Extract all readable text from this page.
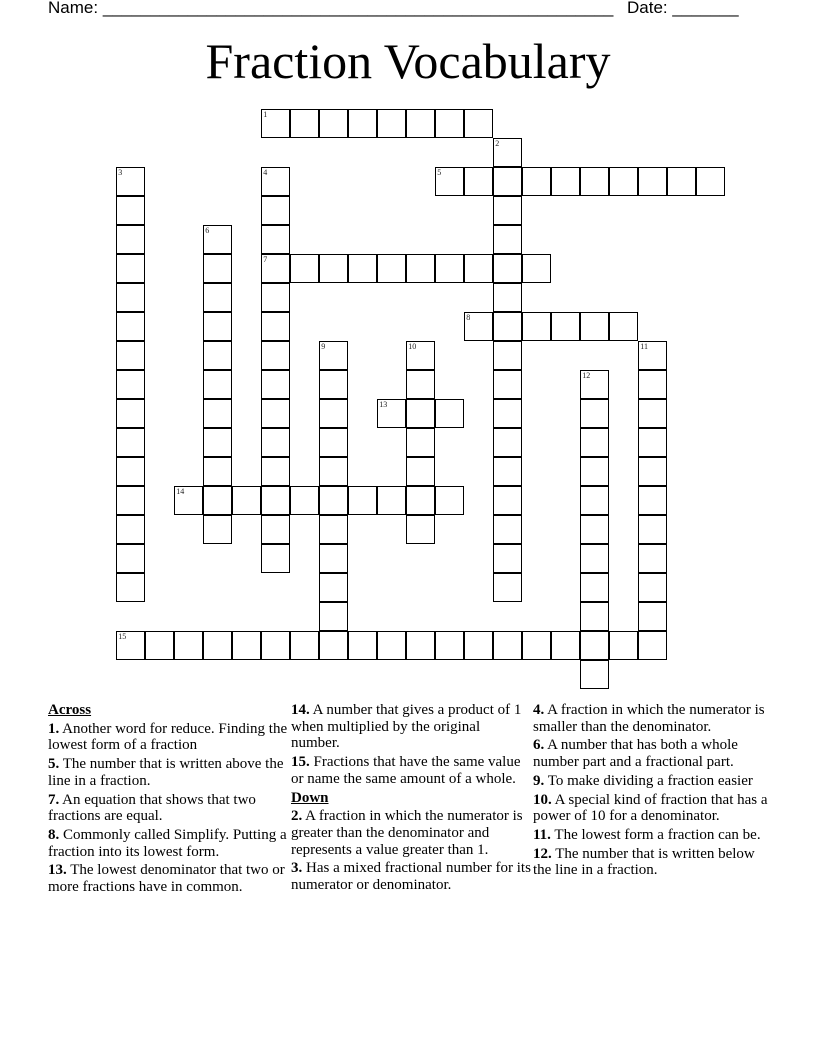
Name: ______________________________________________________ Date: _______
Fraction Vocabulary
1
2
3	4
7
5
6
8
9	10	11
12
13
14
15
Across
1. Another word for reduce. Finding the lowest form of a fraction
5. The number that is written above the line in a fraction.
7. An equation that shows that two fractions are equal.
8. Commonly called Simplify. Putting a fraction into its lowest form.
13. The lowest denominator that two or more fractions have in common.
14. A number that gives a product of 1 when multiplied by the original number.
15. Fractions that have the same value or name the same amount of a whole.
Down
2. A fraction in which the numerator is greater than the denominator and represents a value greater than 1.
3. Has a mixed fractional number for its numerator or denominator.
4. A fraction in which the numerator is smaller than the denominator.
6. A number that has both a whole number part and a fractional part.
9. To make dividing a fraction easier
10. A special kind of fraction that has a power of 10 for a denominator.
11. The lowest form a fraction can be.
12. The number that is written below the line in a fraction.
